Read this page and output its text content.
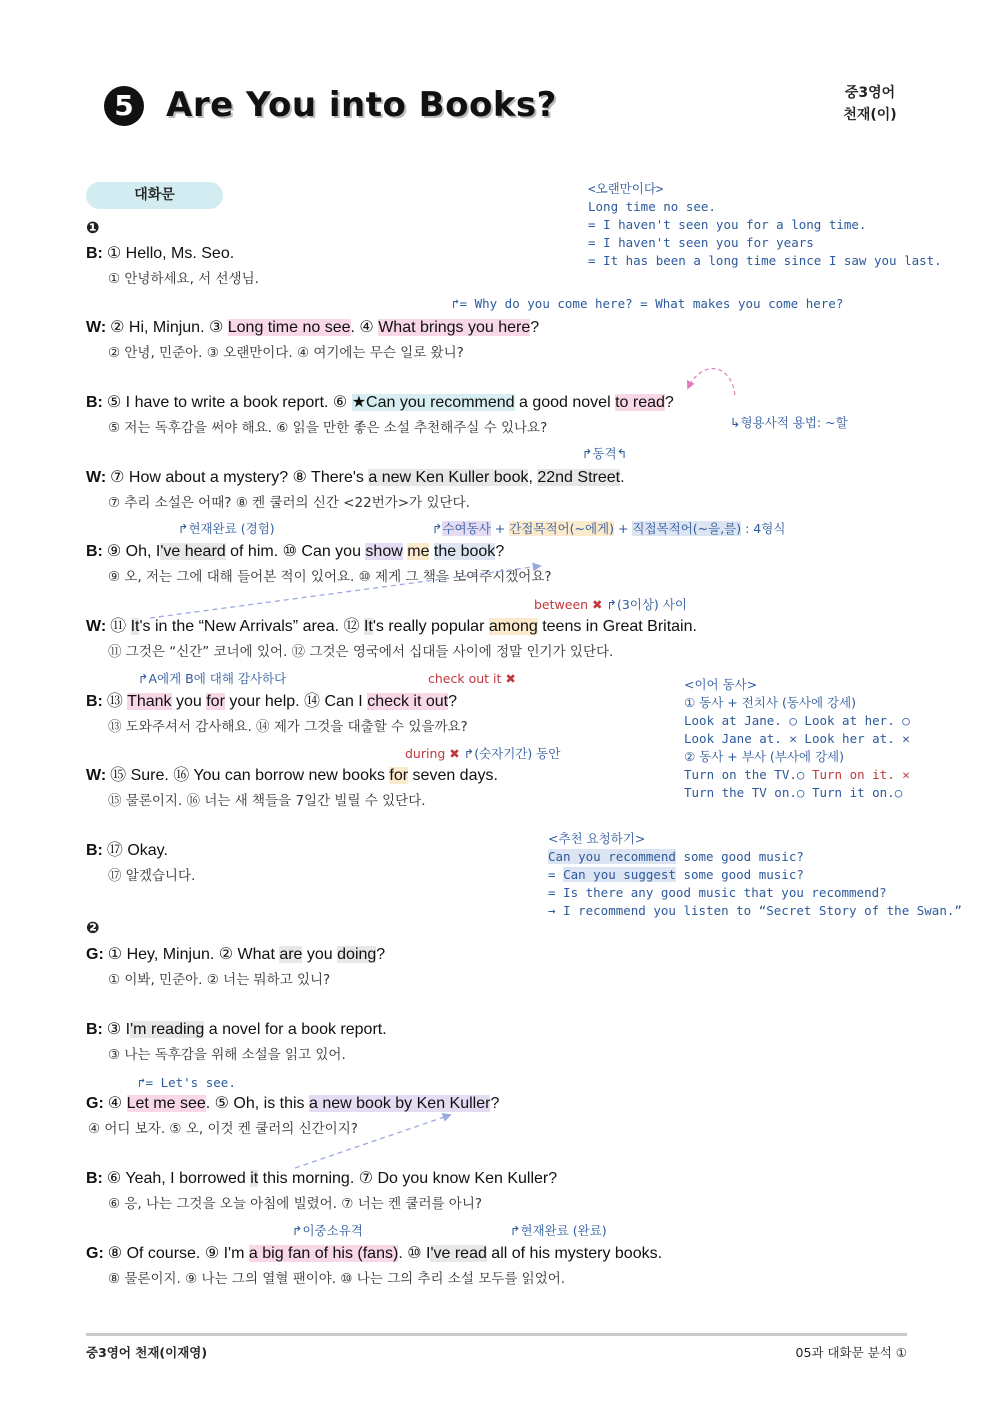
5 Are You into Books?	중3영어
천재(이)
대화문	<오랜만이다>
Long time no see.
= I haven't seen you for a long time.
= I haven't seen you for years
= It has been a long time since I saw you last.
❶
B: ① Hello, Ms. Seo.
① 안녕하세요, 서 선생님.
↱= Why do you come here? = What makes you come here?
W: ② Hi, Minjun. ③ Long time no see. ④ What brings you here?
② 안녕, 민준아. ③ 오랜만이다. ④ 여기에는 무슨 일로 왔니?
B: ⑤ I have to write a book report. ⑥ ★Can you recommend a good novel to read?
↳형용사적 용법: ~할
⑤ 저는 독후감을 써야 해요. ⑥ 읽을 만한 좋은 소설 추천해주실 수 있나요?
↱동격↰
W: ⑦ How about a mystery? ⑧ There's a new Ken Kuller book, 22nd Street.
⑦ 추리 소설은 어때? ⑧ 켄 쿨러의 신간 <22번가>가 있단다.
↱현재완료 (경험)	↱수여동사 + 간접목적어(~에게) + 직접목적어(~을,를) : 4형식
B: ⑨ Oh, I've heard of him. ⑩ Can you show me the book?
⑨ 오, 저는 그에 대해 들어본 적이 있어요. ⑩ 제게 그 책을 보여주시겠어요?
between ✖ ↱(3이상) 사이
W: ⑪ It's in the “New Arrivals” area. ⑫ It's really popular among teens in Great Britain.
⑪ 그것은 “신간” 코너에 있어. ⑫ 그것은 영국에서 십대들 사이에 정말 인기가 있단다.
<이어 동사>
① 동사 + 전치사 (동사에 강세)
Look at Jane. ○ Look at her. ○
Look Jane at. ✕ Look her at. ✕
② 동사 + 부사 (부사에 강세)
Turn on the TV.○ Turn on it. ✕
Turn the TV on.○ Turn it on.○
↱A에게 B에 대해 감사하다	check out it ✖
B: ⑬ Thank you for your help. ⑭ Can I check it out?
⑬ 도와주셔서 감사해요. ⑭ 제가 그것을 대출할 수 있을까요?
during ✖ ↱(숫자기간) 동안
W: ⑮ Sure. ⑯ You can borrow new books for seven days.
⑮ 물론이지. ⑯ 너는 새 책들을 7일간 빌릴 수 있단다.
B: ⑰ Okay.
⑰ 알겠습니다.
<추천 요청하기>
Can you recommend some good music?
= Can you suggest some good music?
= Is there any good music that you recommend?
→ I recommend you listen to “Secret Story of the Swan.”
❷
G: ① Hey, Minjun. ② What are you doing?
① 이봐, 민준아. ② 너는 뭐하고 있니?
B: ③ I'm reading a novel for a book report.
③ 나는 독후감을 위해 소설을 읽고 있어.
↱= Let's see.
G: ④ Let me see. ⑤ Oh, is this a new book by Ken Kuller?
④ 어디 보자. ⑤ 오, 이것 켄 쿨러의 신간이지?
B: ⑥ Yeah, I borrowed it this morning. ⑦ Do you know Ken Kuller?
⑥ 응, 나는 그것을 오늘 아침에 빌렸어. ⑦ 너는 켄 쿨러를 아니?
↱이중소유격	↱현재완료 (완료)
G: ⑧ Of course. ⑨ I'm a big fan of his (fans). ⑩ I've read all of his mystery books.
⑧ 물론이지. ⑨ 나는 그의 열혈 팬이야. ⑩ 나는 그의 추리 소설 모두를 읽었어.
중3영어 천재(이재영)	05과 대화문 분석 ①
